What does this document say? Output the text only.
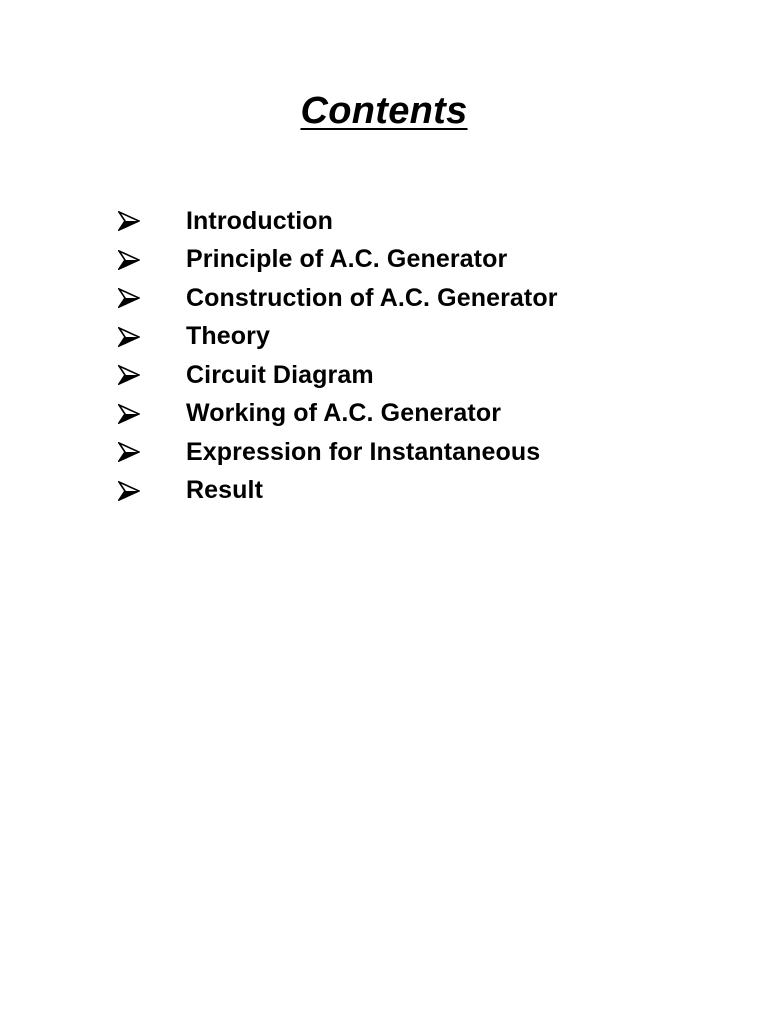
Contents
Introduction
Principle of A.C. Generator
Construction of A.C. Generator
Theory
Circuit Diagram
Working of A.C. Generator
Expression for Instantaneous
Result
